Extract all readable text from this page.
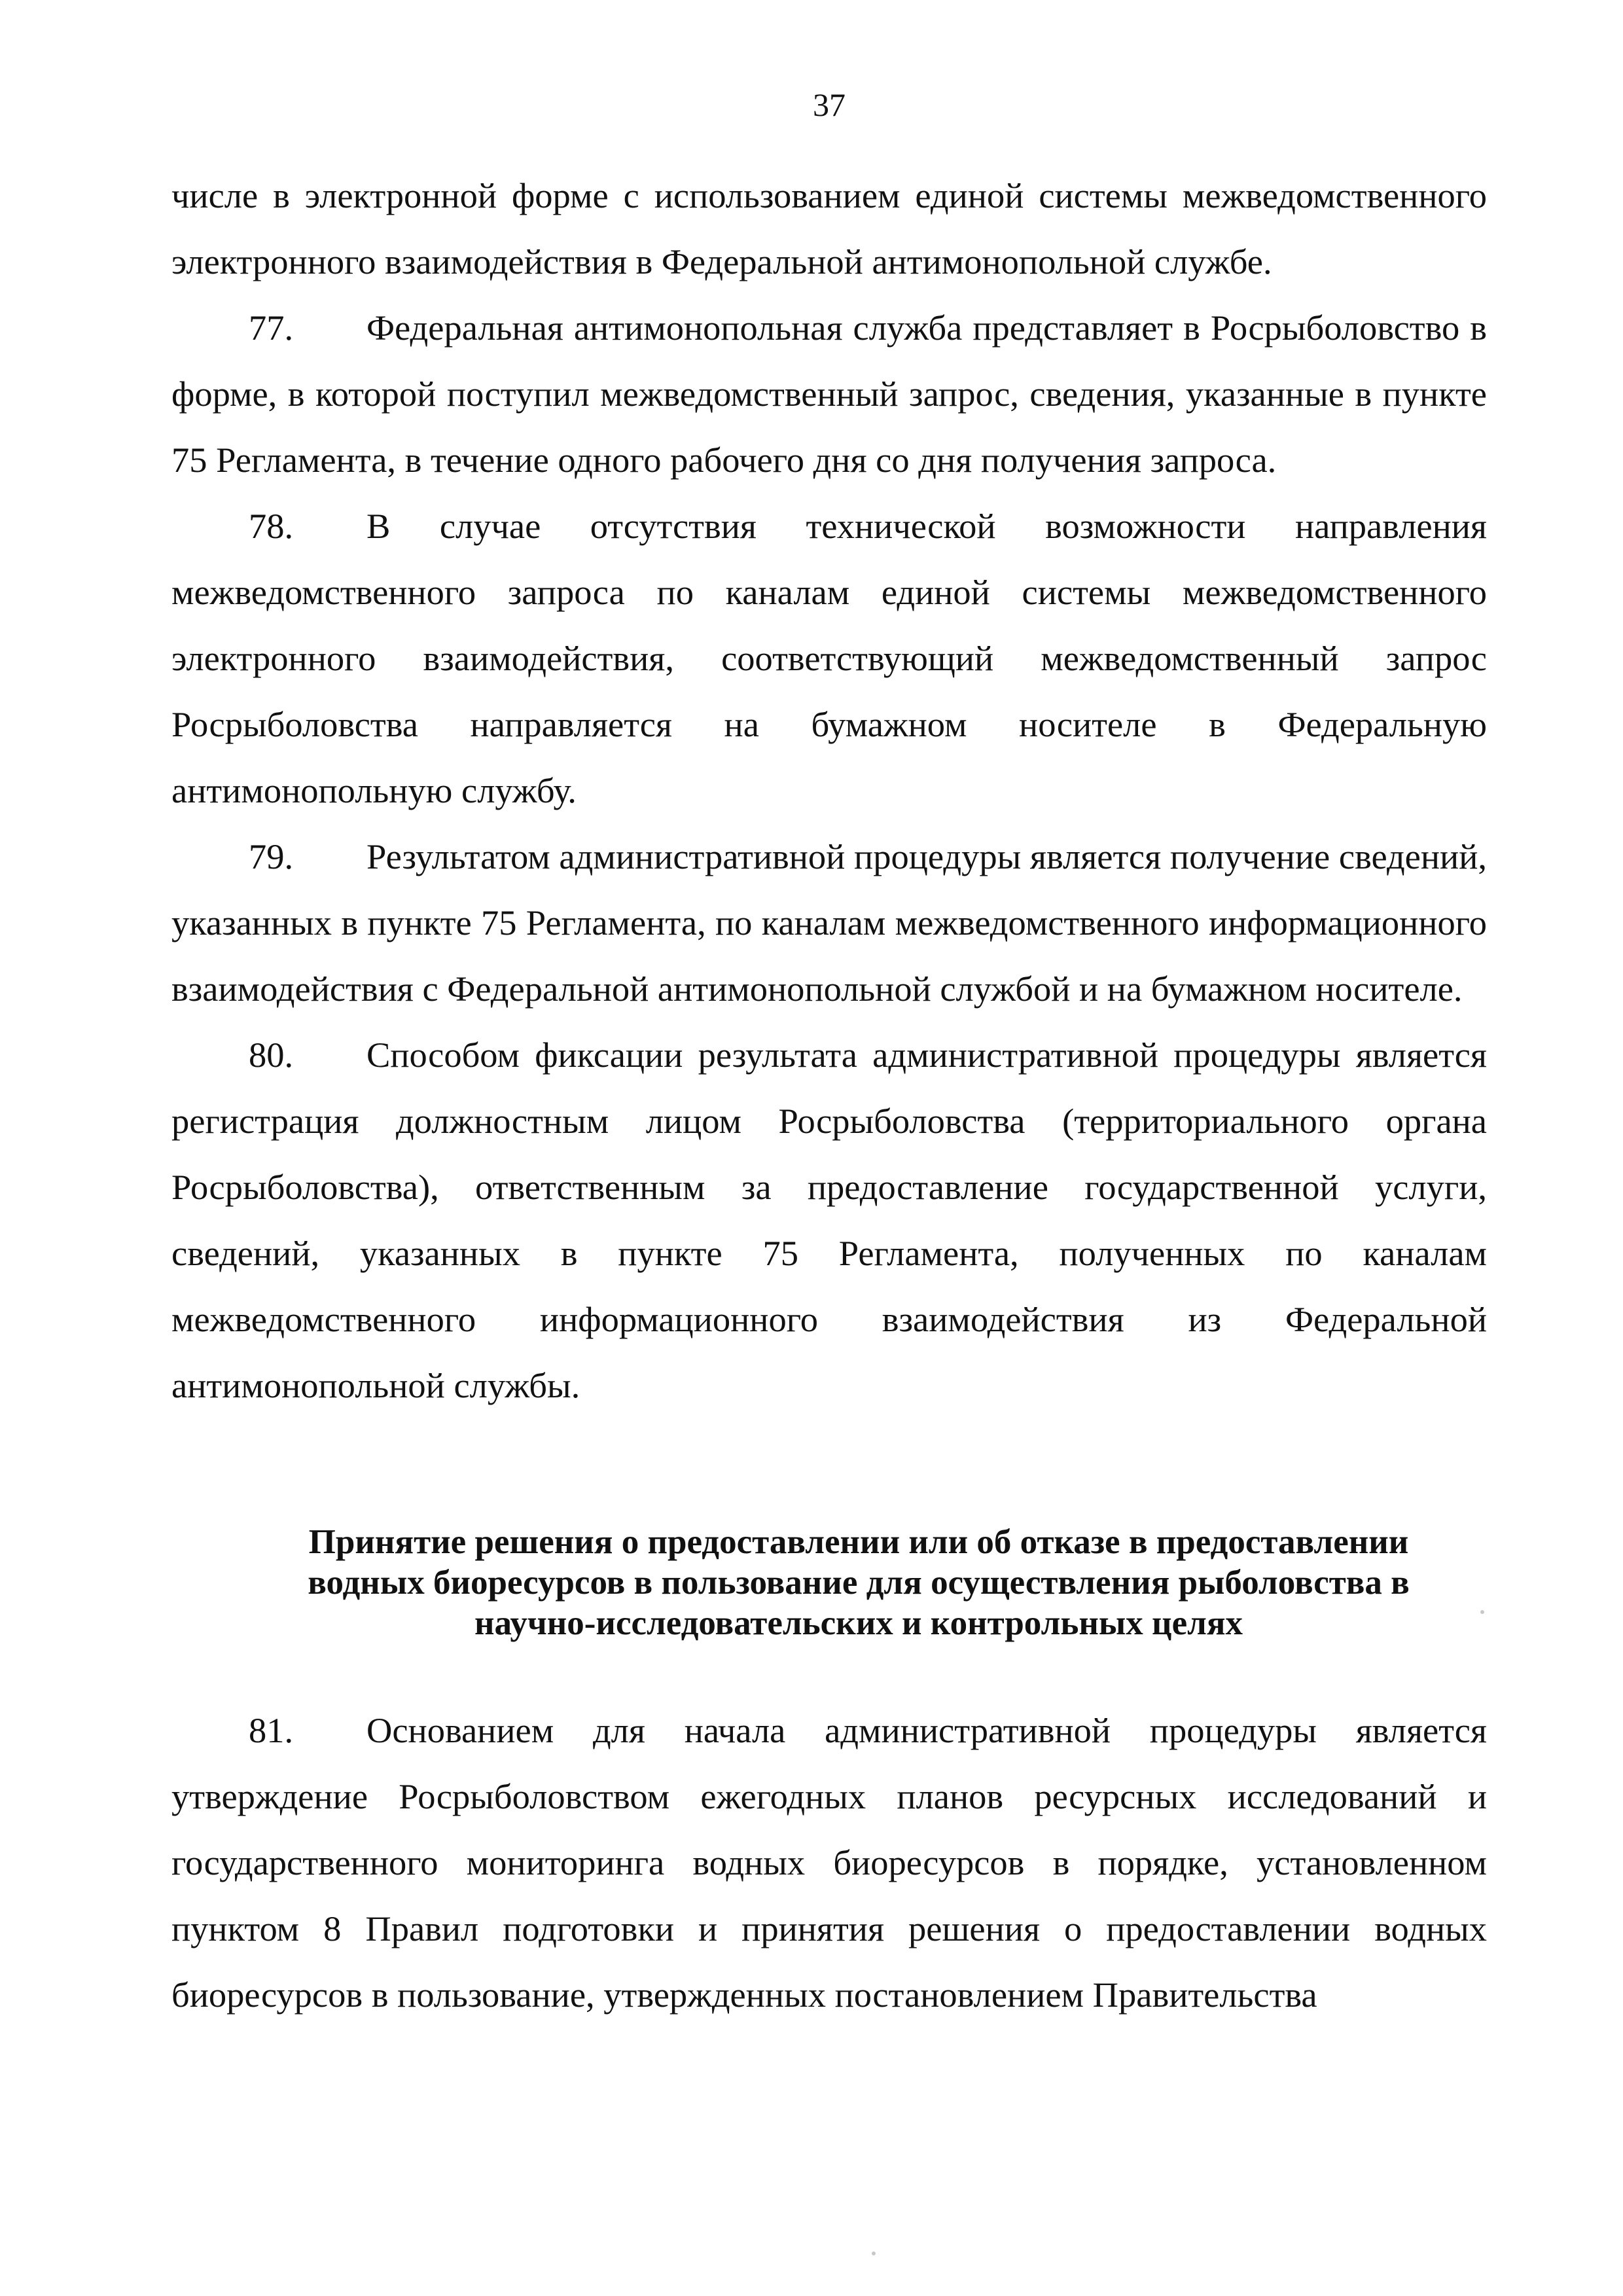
37

числе в электронной форме с использованием единой системы межведомственного электронного взаимодействия в Федеральной антимонопольной службе.

77. Федеральная антимонопольная служба представляет в Росрыболовство в форме, в которой поступил межведомственный запрос, сведения, указанные в пункте 75 Регламента, в течение одного рабочего дня со дня получения запроса.

78. В случае отсутствия технической возможности направления межведомственного запроса по каналам единой системы межведомственного электронного взаимодействия, соответствующий межведомственный запрос Росрыболовства направляется на бумажном носителе в Федеральную антимонопольную службу.

79. Результатом административной процедуры является получение сведений, указанных в пункте 75 Регламента, по каналам межведомственного информационного взаимодействия с Федеральной антимонопольной службой и на бумажном носителе.

80. Способом фиксации результата административной процедуры является регистрация должностным лицом Росрыболовства (территориального органа Росрыболовства), ответственным за предоставление государственной услуги, сведений, указанных в пункте 75 Регламента, полученных по каналам межведомственного информационного взаимодействия из Федеральной антимонопольной службы.

Принятие решения о предоставлении или об отказе в предоставлении
водных биоресурсов в пользование для осуществления рыболовства в
научно-исследовательских и контрольных целях

81. Основанием для начала административной процедуры является утверждение Росрыболовством ежегодных планов ресурсных исследований и государственного мониторинга водных биоресурсов в порядке, установленном пунктом 8 Правил подготовки и принятия решения о предоставлении водных биоресурсов в пользование, утвержденных постановлением Правительства
